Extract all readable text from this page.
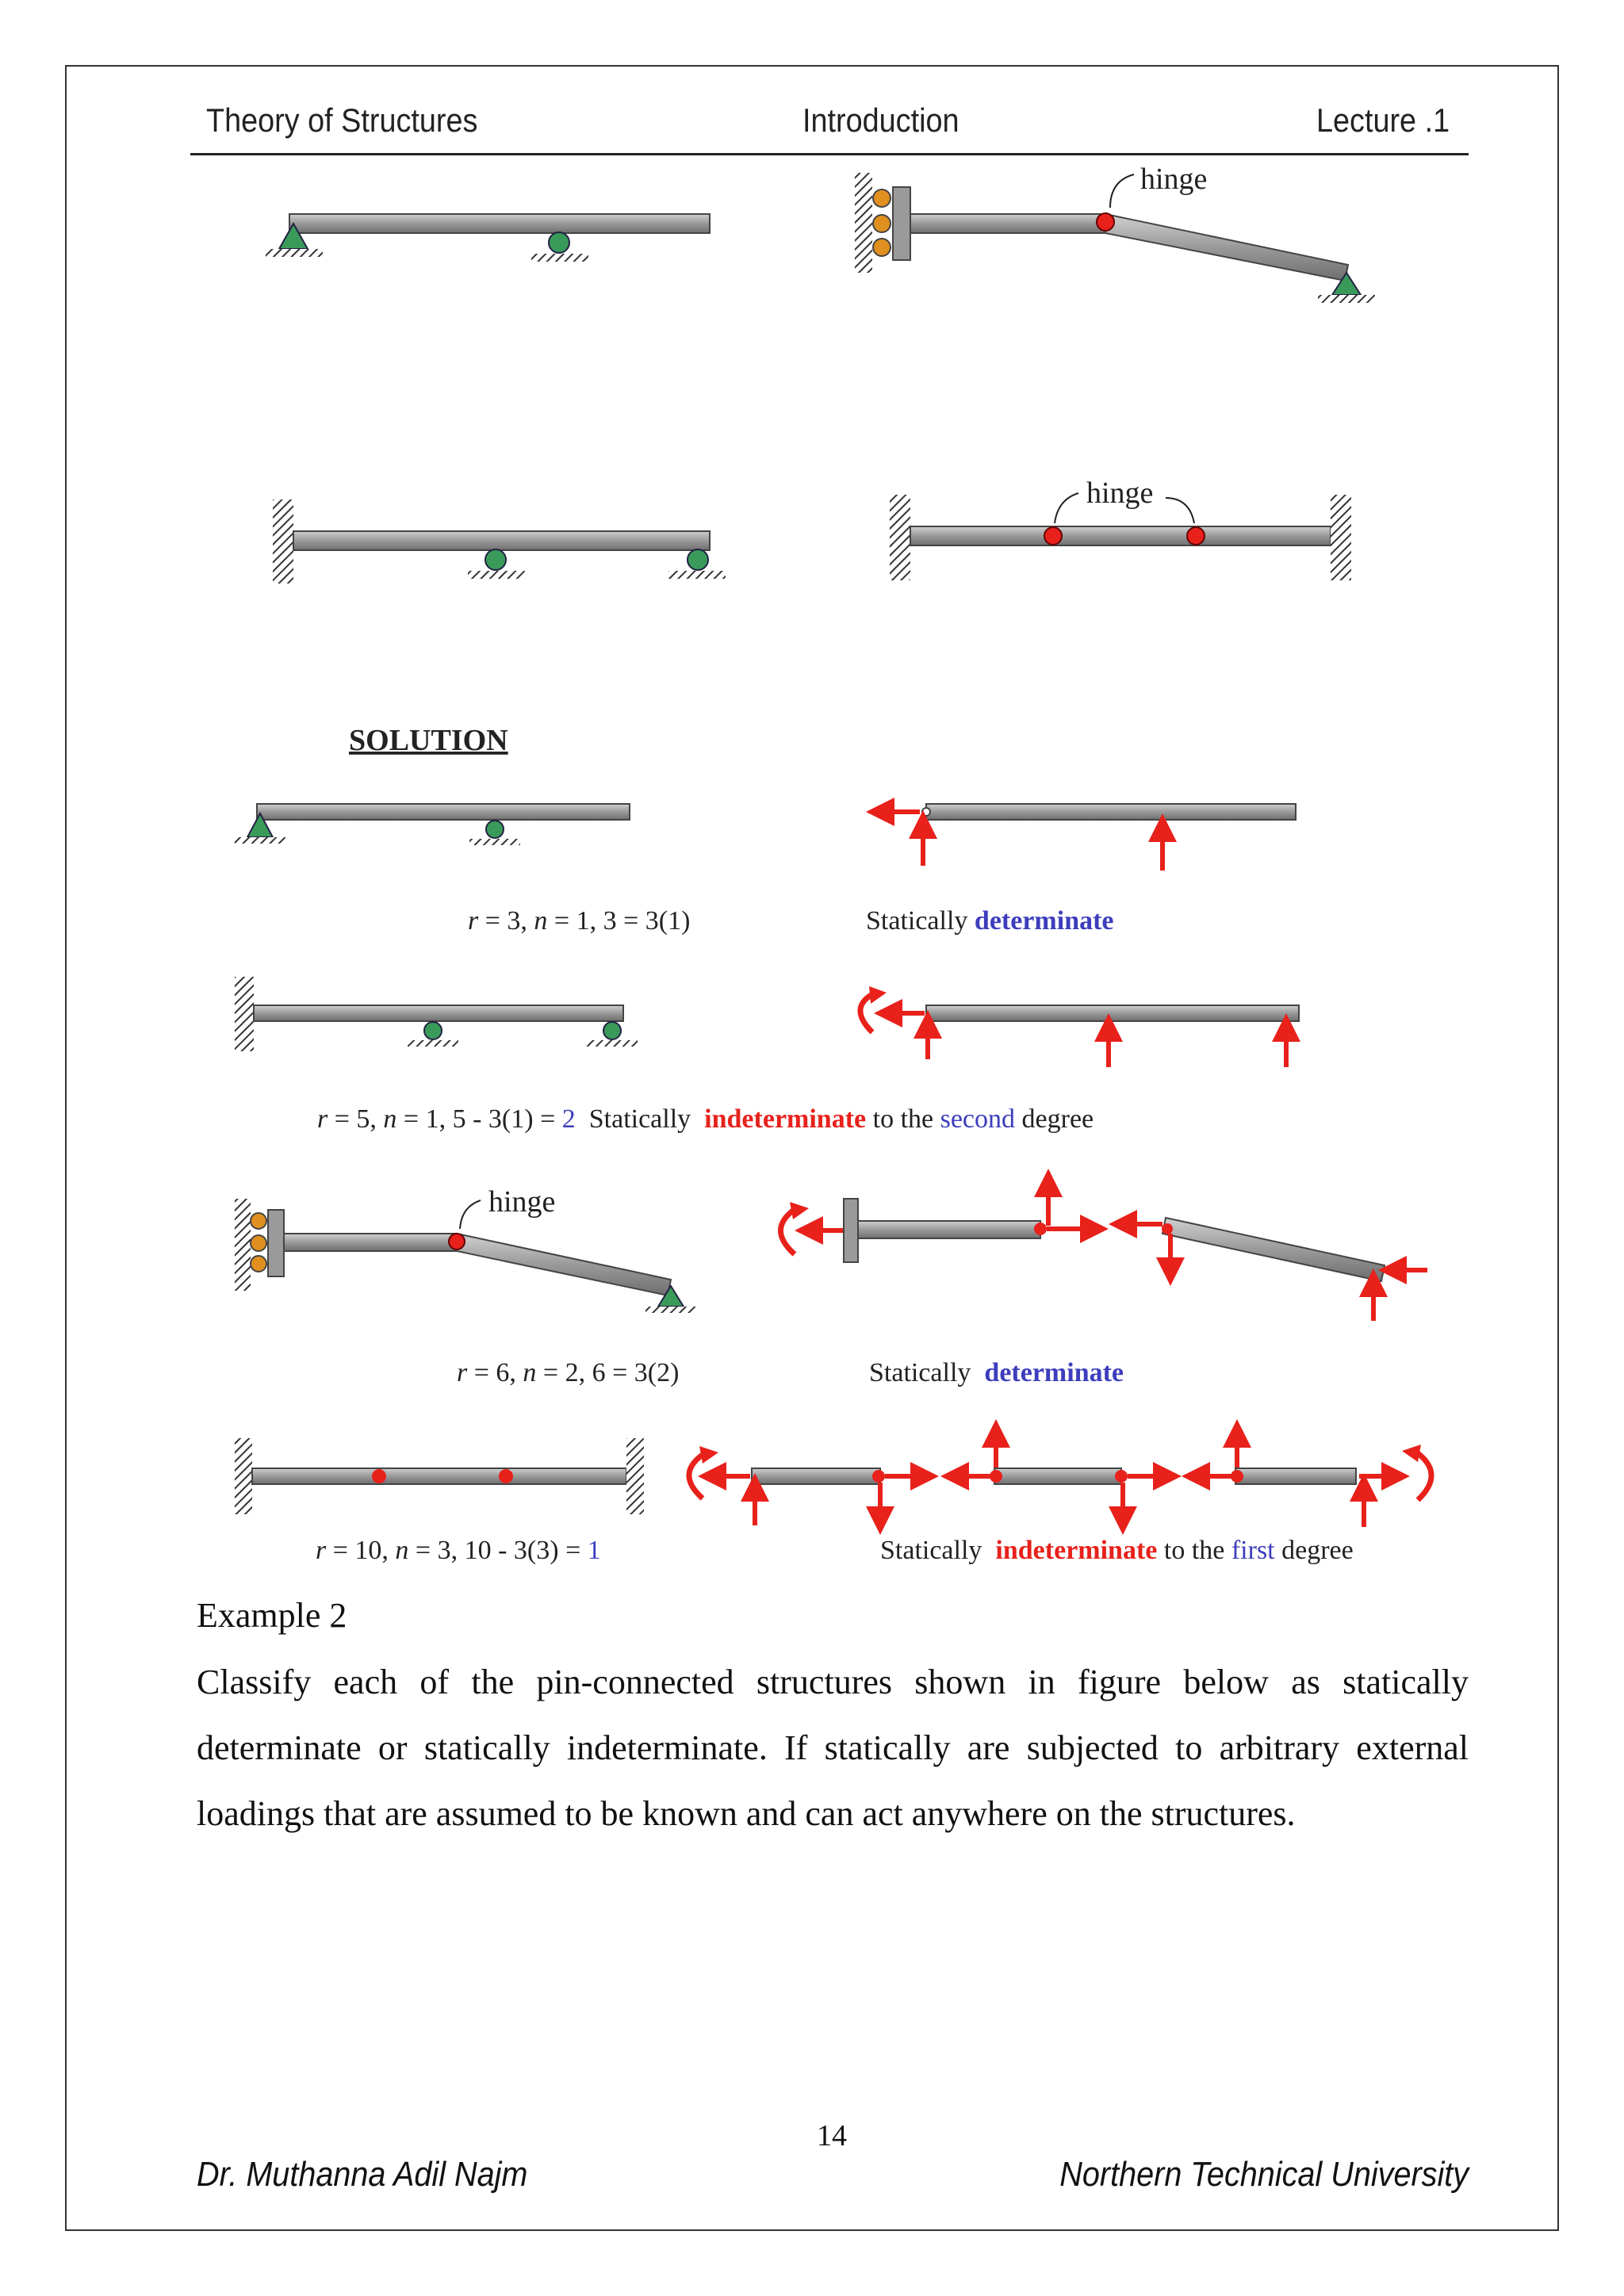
Theory of Structures	Introduction	Lecture .1
hinge
hinge
SOLUTION
hinge
r = 3, n = 1, 3 = 3(1)	Statically determinate
r = 5, n = 1, 5 - 3(1) = 2  Statically  indeterminate to the second degree
r = 6, n = 2, 6 = 3(2)	Statically  determinate
r = 10, n = 3, 10 - 3(3) = 1	Statically  indeterminate to the first degree
Example 2
Classify each of the pin-connected structures shown in figure below as statically determinate or statically indeterminate. If statically are subjected to arbitrary external loadings that are assumed to be known and can act anywhere on the structures.
14
Dr. Muthanna Adil Najm	Northern Technical University
